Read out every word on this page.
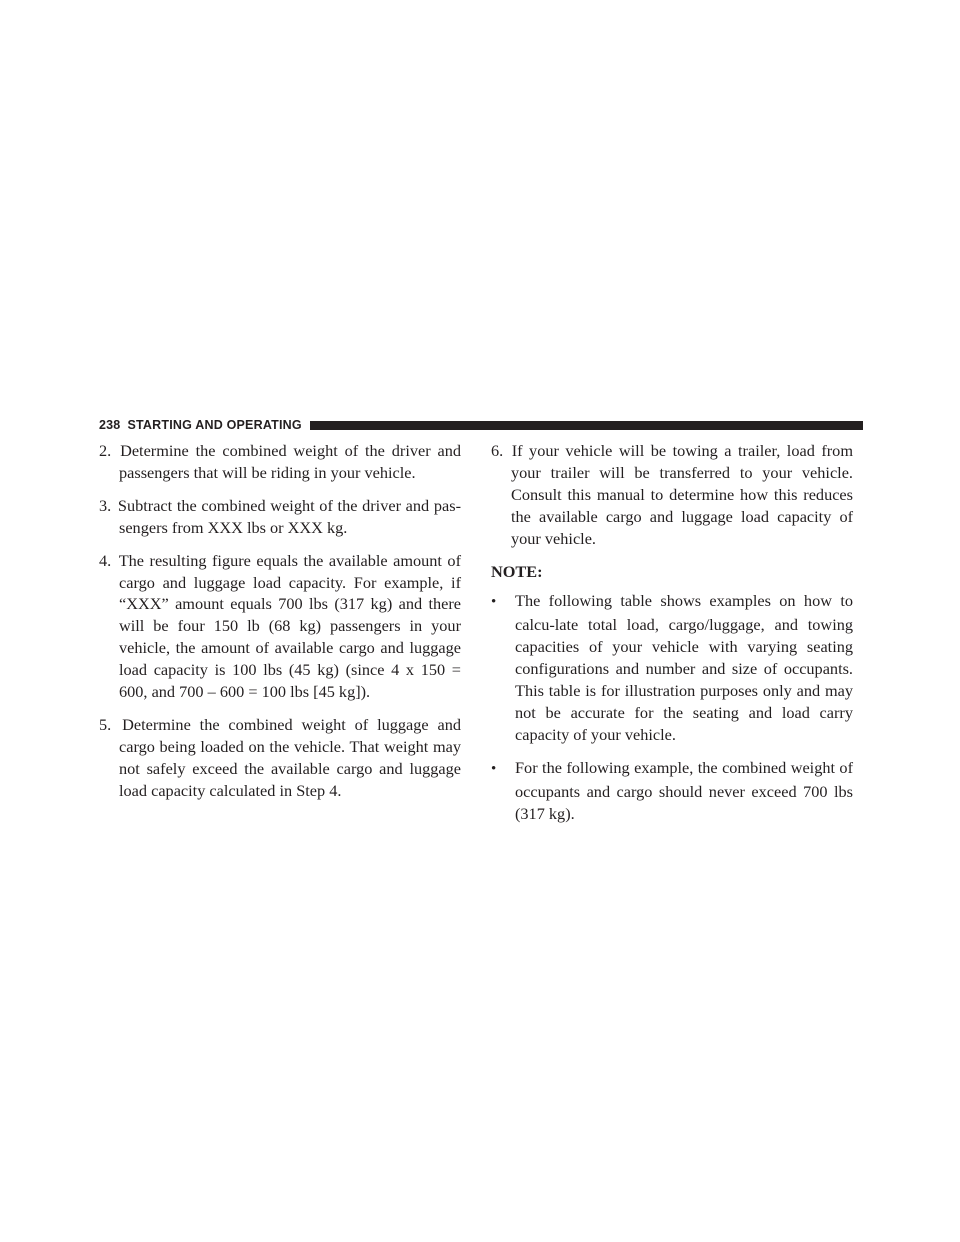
238 STARTING AND OPERATING
2. Determine the combined weight of the driver and passengers that will be riding in your vehicle.
3. Subtract the combined weight of the driver and pas-sengers from XXX lbs or XXX kg.
4. The resulting figure equals the available amount of cargo and luggage load capacity. For example, if “XXX” amount equals 700 lbs (317 kg) and there will be four 150 lb (68 kg) passengers in your vehicle, the amount of available cargo and luggage load capacity is 100 lbs (45 kg) (since 4 x 150 = 600, and 700 – 600 = 100 lbs [45 kg]).
5. Determine the combined weight of luggage and cargo being loaded on the vehicle. That weight may not safely exceed the available cargo and luggage load capacity calculated in Step 4.
6. If your vehicle will be towing a trailer, load from your trailer will be transferred to your vehicle. Consult this manual to determine how this reduces the available cargo and luggage load capacity of your vehicle.
NOTE:
• The following table shows examples on how to calcu-late total load, cargo/luggage, and towing capacities of your vehicle with varying seating configurations and number and size of occupants. This table is for illustration purposes only and may not be accurate for the seating and load carry capacity of your vehicle.
• For the following example, the combined weight of occupants and cargo should never exceed 700 lbs (317 kg).
